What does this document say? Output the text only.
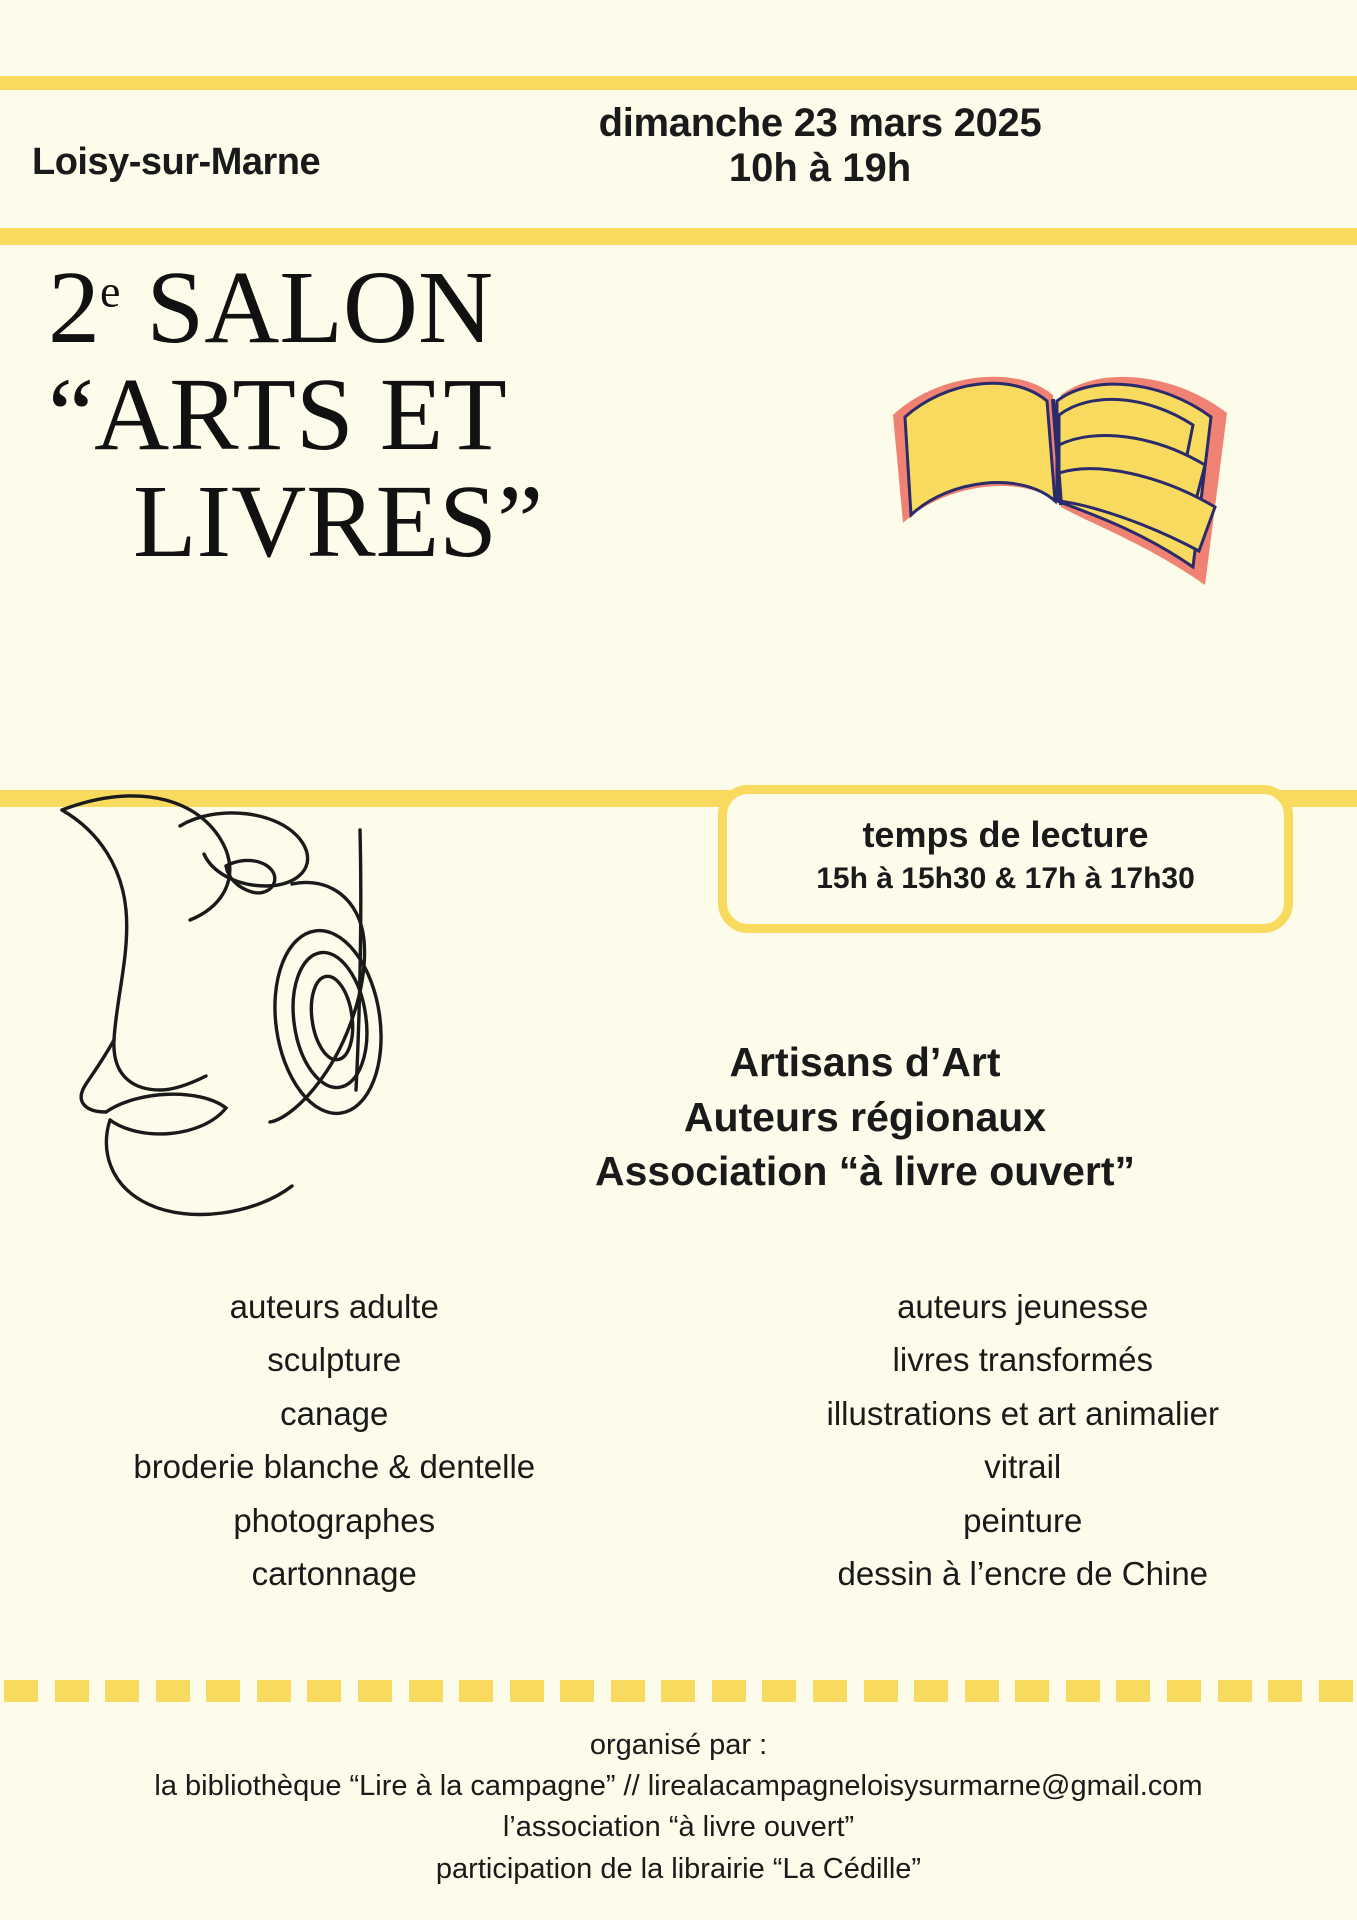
Loisy-sur-Marne
dimanche 23 mars 2025
10h à 19h
2e SALON
“ARTS ET
LIVRES”
temps de lecture
15h à 15h30 & 17h à 17h30
Artisans d’Art
Auteurs régionaux
Association “à livre ouvert”
auteurs adulte
sculpture
canage
broderie blanche & dentelle
photographes
cartonnage
auteurs jeunesse
livres transformés
illustrations et art animalier
vitrail
peinture
dessin à l’encre de Chine
organisé par :
la bibliothèque “Lire à la campagne” // lirealacampagneloisysurmarne@gmail.com
l’association “à livre ouvert”
participation de la librairie “La Cédille”
